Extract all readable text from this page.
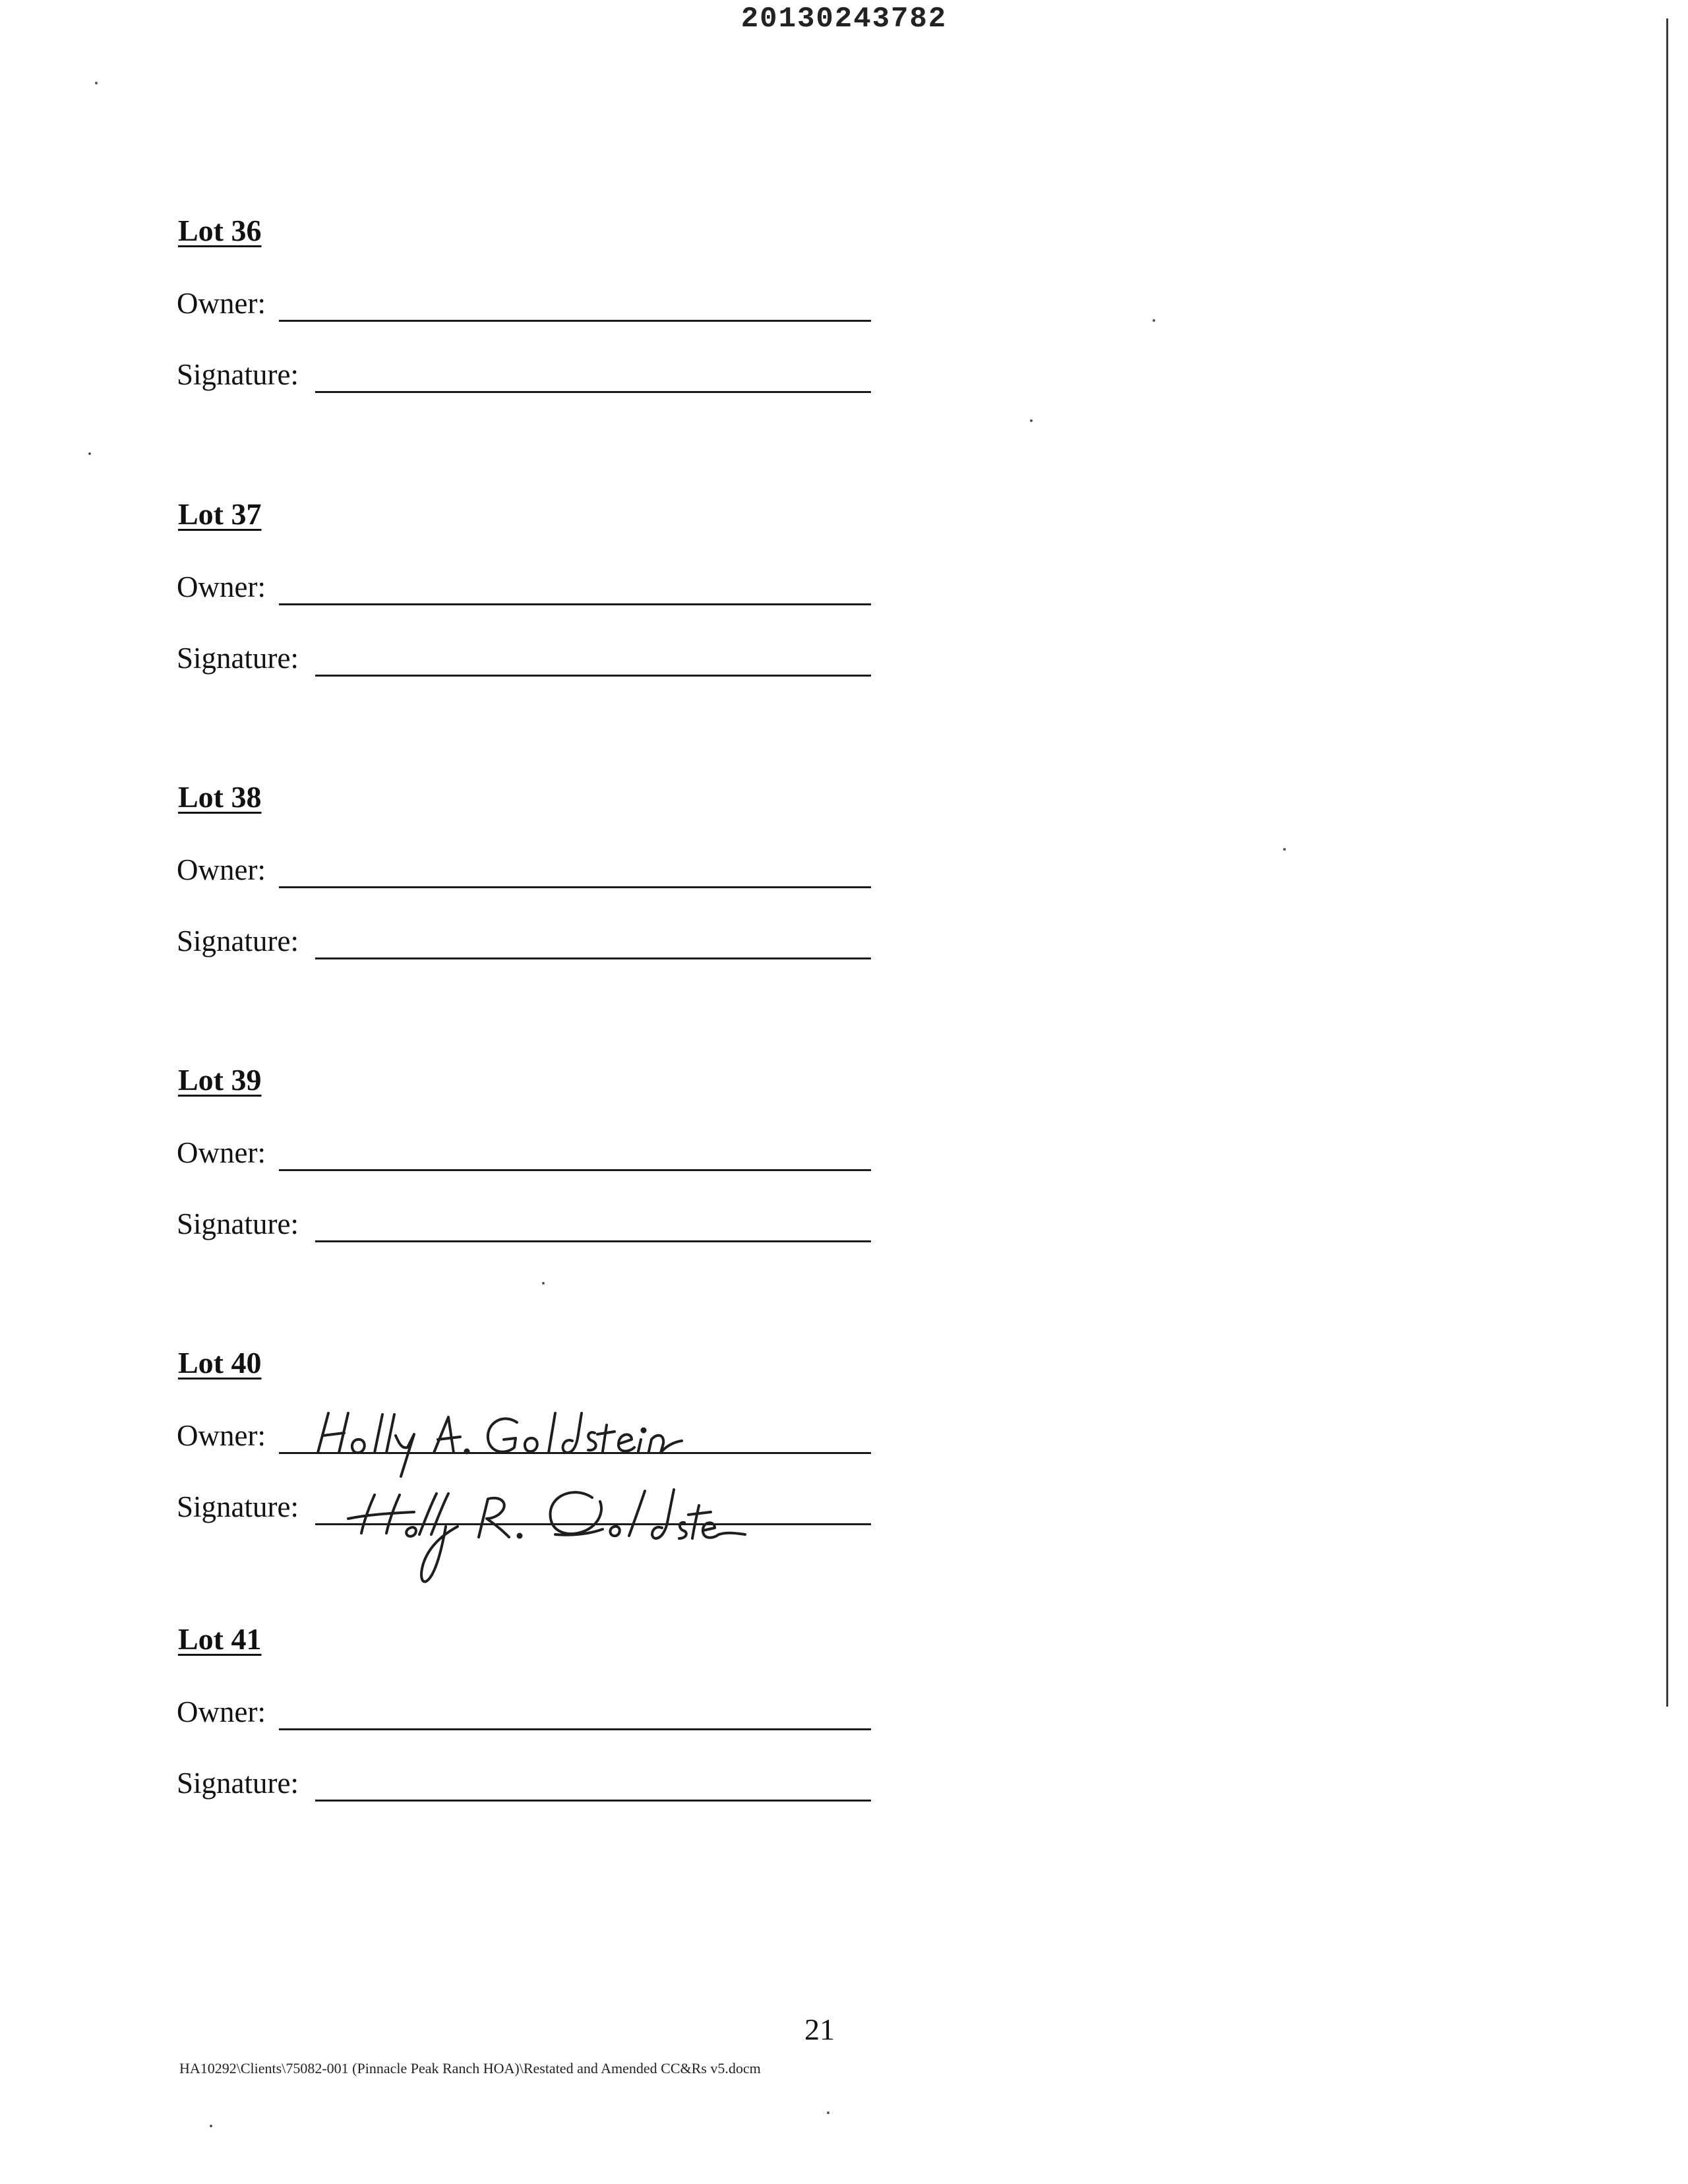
20130243782
Lot 36
Owner:
Signature:
Lot 37
Owner:
Signature:
Lot 38
Owner:
Signature:
Lot 39
Owner:
Signature:
Lot 40
Owner:
Signature:
Lot 41
Owner:
Signature:
21
HA10292\Clients\75082-001 (Pinnacle Peak Ranch HOA)\Restated and Amended CC&Rs v5.docm
